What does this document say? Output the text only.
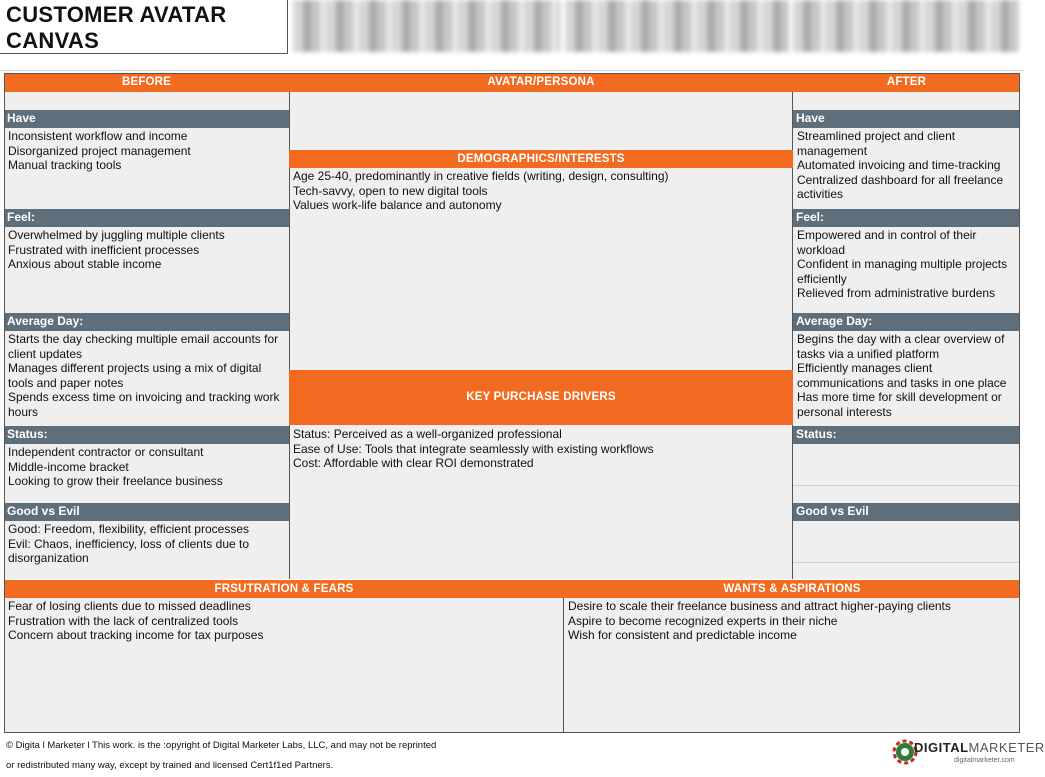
CUSTOMER AVATAR
CANVAS
BEFORE
Have
Inconsistent workflow and income
Disorganized project management
Manual tracking tools
Feel:
Overwhelmed by juggling multiple clients
Frustrated with inefficient processes
Anxious about stable income
Average Day:
Starts the day checking multiple email accounts for
client updates
Manages different projects using a mix of digital
tools and paper notes
Spends excess time on invoicing and tracking work
hours
Status:
Independent contractor or consultant
Middle-income bracket
Looking to grow their freelance business
Good vs Evil
Good: Freedom, flexibility, efficient processes
Evil: Chaos, inefficiency, loss of clients due to
disorganization
AVATAR/PERSONA
DEMOGRAPHICS/INTERESTS
Age 25-40, predominantly in creative fields (writing, design, consulting)
Tech-savvy, open to new digital tools
Values work-life balance and autonomy
KEY PURCHASE DRIVERS
Status: Perceived as a well-organized professional
Ease of Use: Tools that integrate seamlessly with existing workflows
Cost: Affordable with clear ROI demonstrated
AFTER
Have
Streamlined project and client
management
Automated invoicing and time-tracking
Centralized dashboard for all freelance
activities
Feel:
Empowered and in control of their
workload
Confident in managing multiple projects
efficiently
Relieved from administrative burdens
Average Day:
Begins the day with a clear overview of
tasks via a unified platform
Efficiently manages client
communications and tasks in one place
Has more time for skill development or
personal interests
Status:
Good vs Evil
FRSUTRATION & FEARS
Fear of losing clients due to missed deadlines
Frustration with the lack of centralized tools
Concern about tracking income for tax purposes
WANTS & ASPIRATIONS
Desire to scale their freelance business and attract higher-paying clients
Aspire to become recognized experts in their niche
Wish for consistent and predictable income
© Digita l Marketer l This work. is the :opyright of Digital Marketer Labs, LLC, and may not be reprinted
or redistributed many way, except by trained and licensed Cert1f1ed Partners.
DIGITALMARKETER
digitalmarketer.com
